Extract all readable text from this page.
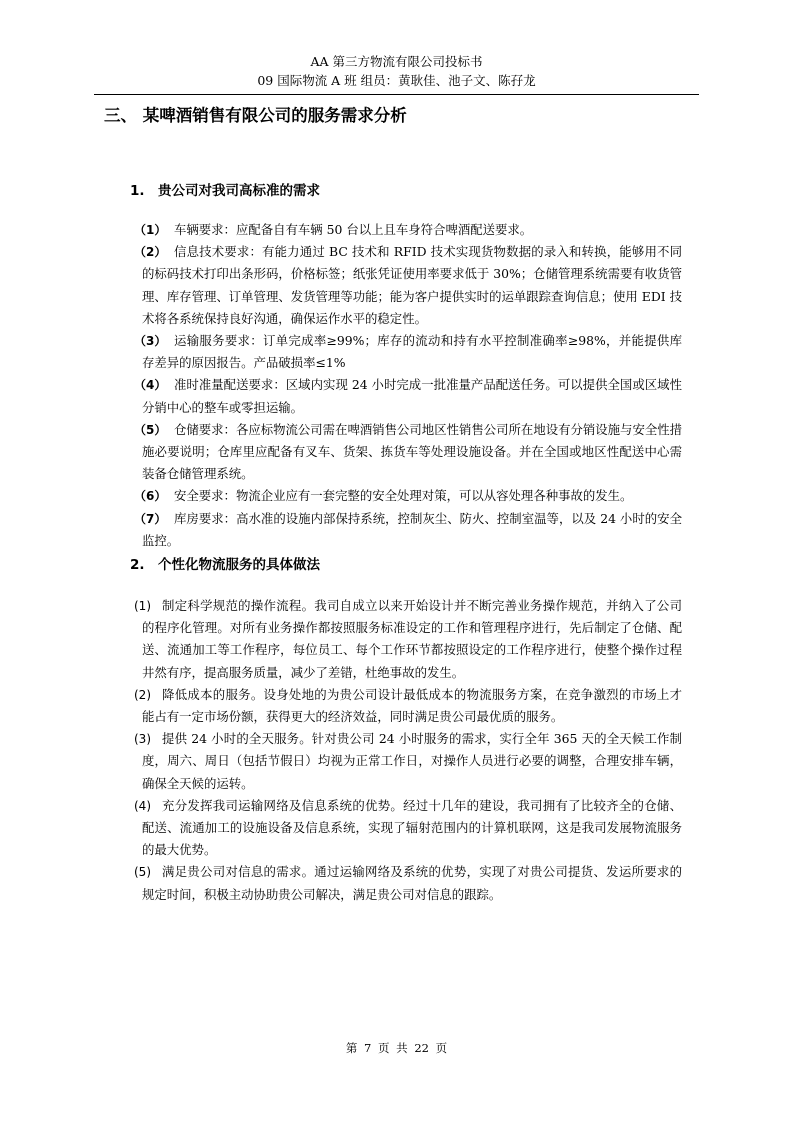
AA 第三方物流有限公司投标书
09 国际物流 A 班 组员：黄耿佳、池子文、陈孖龙
三、 某啤酒销售有限公司的服务需求分析
1. 贵公司对我司高标准的需求
（1） 车辆要求：应配备自有车辆 50 台以上且车身符合啤酒配送要求。
（2） 信息技术要求：有能力通过 BC 技术和 RFID 技术实现货物数据的录入和转换，能够用不同的标码技术打印出条形码，价格标签；纸张凭证使用率要求低于 30%；仓储管理系统需要有收货管理、库存管理、订单管理、发货管理等功能；能为客户提供实时的运单跟踪查询信息；使用 EDI 技术将各系统保持良好沟通，确保运作水平的稳定性。
（3） 运输服务要求：订单完成率≥99%；库存的流动和持有水平控制准确率≥98%，并能提供库存差异的原因报告。产品破损率≤1%
（4） 准时准量配送要求：区域内实现 24 小时完成一批准量产品配送任务。可以提供全国或区域性分销中心的整车或零担运输。
（5） 仓储要求：各应标物流公司需在啤酒销售公司地区性销售公司所在地设有分销设施与安全性措施必要说明；仓库里应配备有叉车、货架、拣货车等处理设施设备。并在全国或地区性配送中心需装备仓储管理系统。
（6） 安全要求：物流企业应有一套完整的安全处理对策，可以从容处理各种事故的发生。
（7） 库房要求：高水准的设施内部保持系统，控制灰尘、防火、控制室温等，以及 24 小时的安全监控。
2. 个性化物流服务的具体做法
(1) 制定科学规范的操作流程。我司自成立以来开始设计并不断完善业务操作规范，并纳入了公司的程序化管理。对所有业务操作都按照服务标准设定的工作和管理程序进行，先后制定了仓储、配送、流通加工等工作程序，每位员工、每个工作环节都按照设定的工作程序进行，使整个操作过程井然有序，提高服务质量，减少了差错，杜绝事故的发生。
(2) 降低成本的服务。设身处地的为贵公司设计最低成本的物流服务方案，在竞争激烈的市场上才能占有一定市场份额，获得更大的经济效益，同时满足贵公司最优质的服务。
(3) 提供 24 小时的全天服务。针对贵公司 24 小时服务的需求，实行全年 365 天的全天候工作制度，周六、周日（包括节假日）均视为正常工作日，对操作人员进行必要的调整，合理安排车辆，确保全天候的运转。
(4) 充分发挥我司运输网络及信息系统的优势。经过十几年的建设，我司拥有了比较齐全的仓储、配送、流通加工的设施设备及信息系统，实现了辐射范围内的计算机联网，这是我司发展物流服务的最大优势。
(5) 满足贵公司对信息的需求。通过运输网络及系统的优势，实现了对贵公司提货、发运所要求的规定时间，积极主动协助贵公司解决，满足贵公司对信息的跟踪。
第 7 页 共 22 页
